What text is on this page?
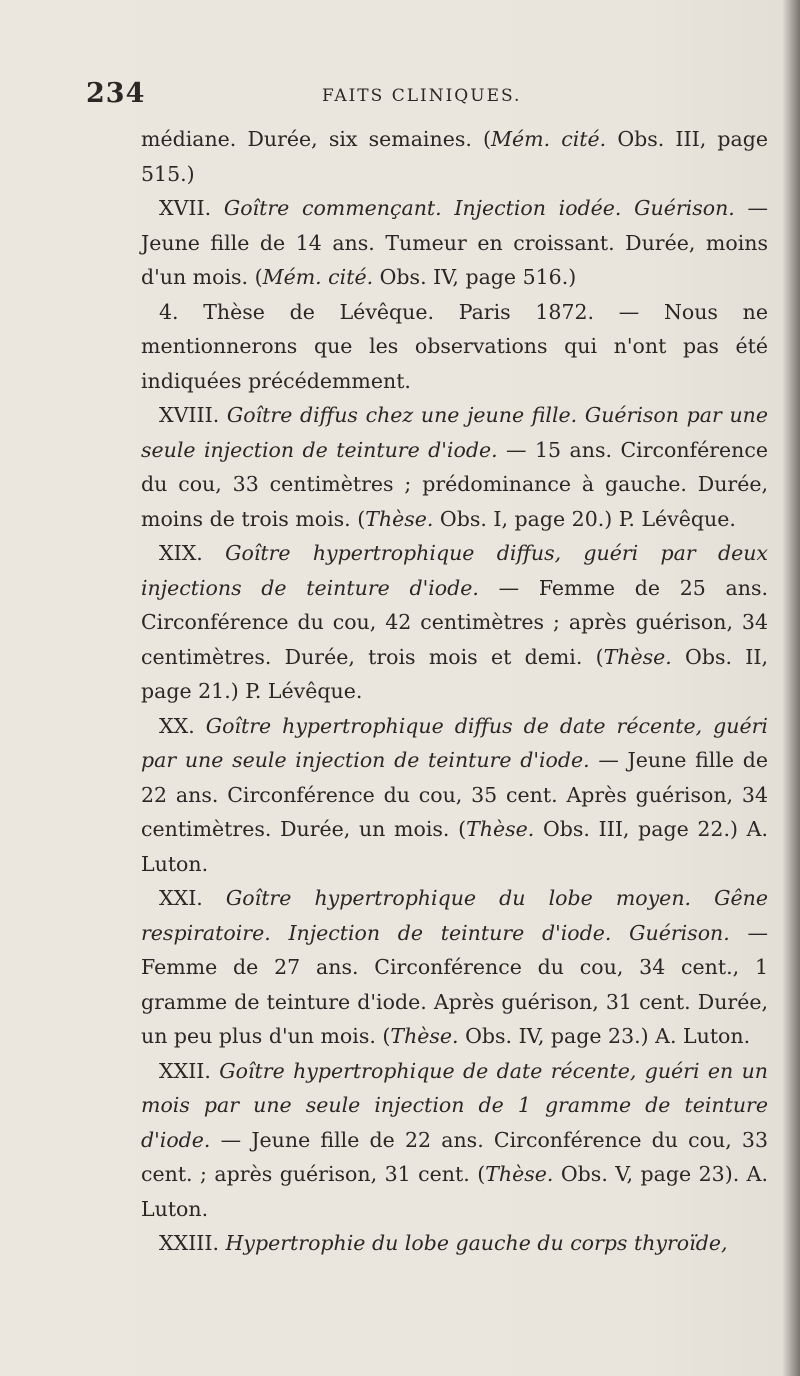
234	FAITS CLINIQUES.

médiane. Durée, six semaines. (Mém. cité. Obs. III, page 515.)

XVII. Goître commençant. Injection iodée. Guérison. — Jeune fille de 14 ans. Tumeur en croissant. Durée, moins d'un mois. (Mém. cité. Obs. IV, page 516.)

4. Thèse de Lévêque. Paris 1872. — Nous ne mentionnerons que les observations qui n'ont pas été indiquées précédemment.

XVIII. Goître diffus chez une jeune fille. Guérison par une seule injection de teinture d'iode. — 15 ans. Circonférence du cou, 33 centimètres ; prédominance à gauche. Durée, moins de trois mois. (Thèse. Obs. I, page 20.) P. Lévêque.

XIX. Goître hypertrophique diffus, guéri par deux injections de teinture d'iode. — Femme de 25 ans. Circonférence du cou, 42 centimètres ; après guérison, 34 centimètres. Durée, trois mois et demi. (Thèse. Obs. II, page 21.) P. Lévêque.

XX. Goître hypertrophique diffus de date récente, guéri par une seule injection de teinture d'iode. — Jeune fille de 22 ans. Circonférence du cou, 35 cent. Après guérison, 34 centimètres. Durée, un mois. (Thèse. Obs. III, page 22.) A. Luton.

XXI. Goître hypertrophique du lobe moyen. Gêne respiratoire. Injection de teinture d'iode. Guérison. — Femme de 27 ans. Circonférence du cou, 34 cent., 1 gramme de teinture d'iode. Après guérison, 31 cent. Durée, un peu plus d'un mois. (Thèse. Obs. IV, page 23.) A. Luton.

XXII. Goître hypertrophique de date récente, guéri en un mois par une seule injection de 1 gramme de teinture d'iode. — Jeune fille de 22 ans. Circonférence du cou, 33 cent. ; après guérison, 31 cent. (Thèse. Obs. V, page 23). A. Luton.

XXIII. Hypertrophie du lobe gauche du corps thyroïde,
